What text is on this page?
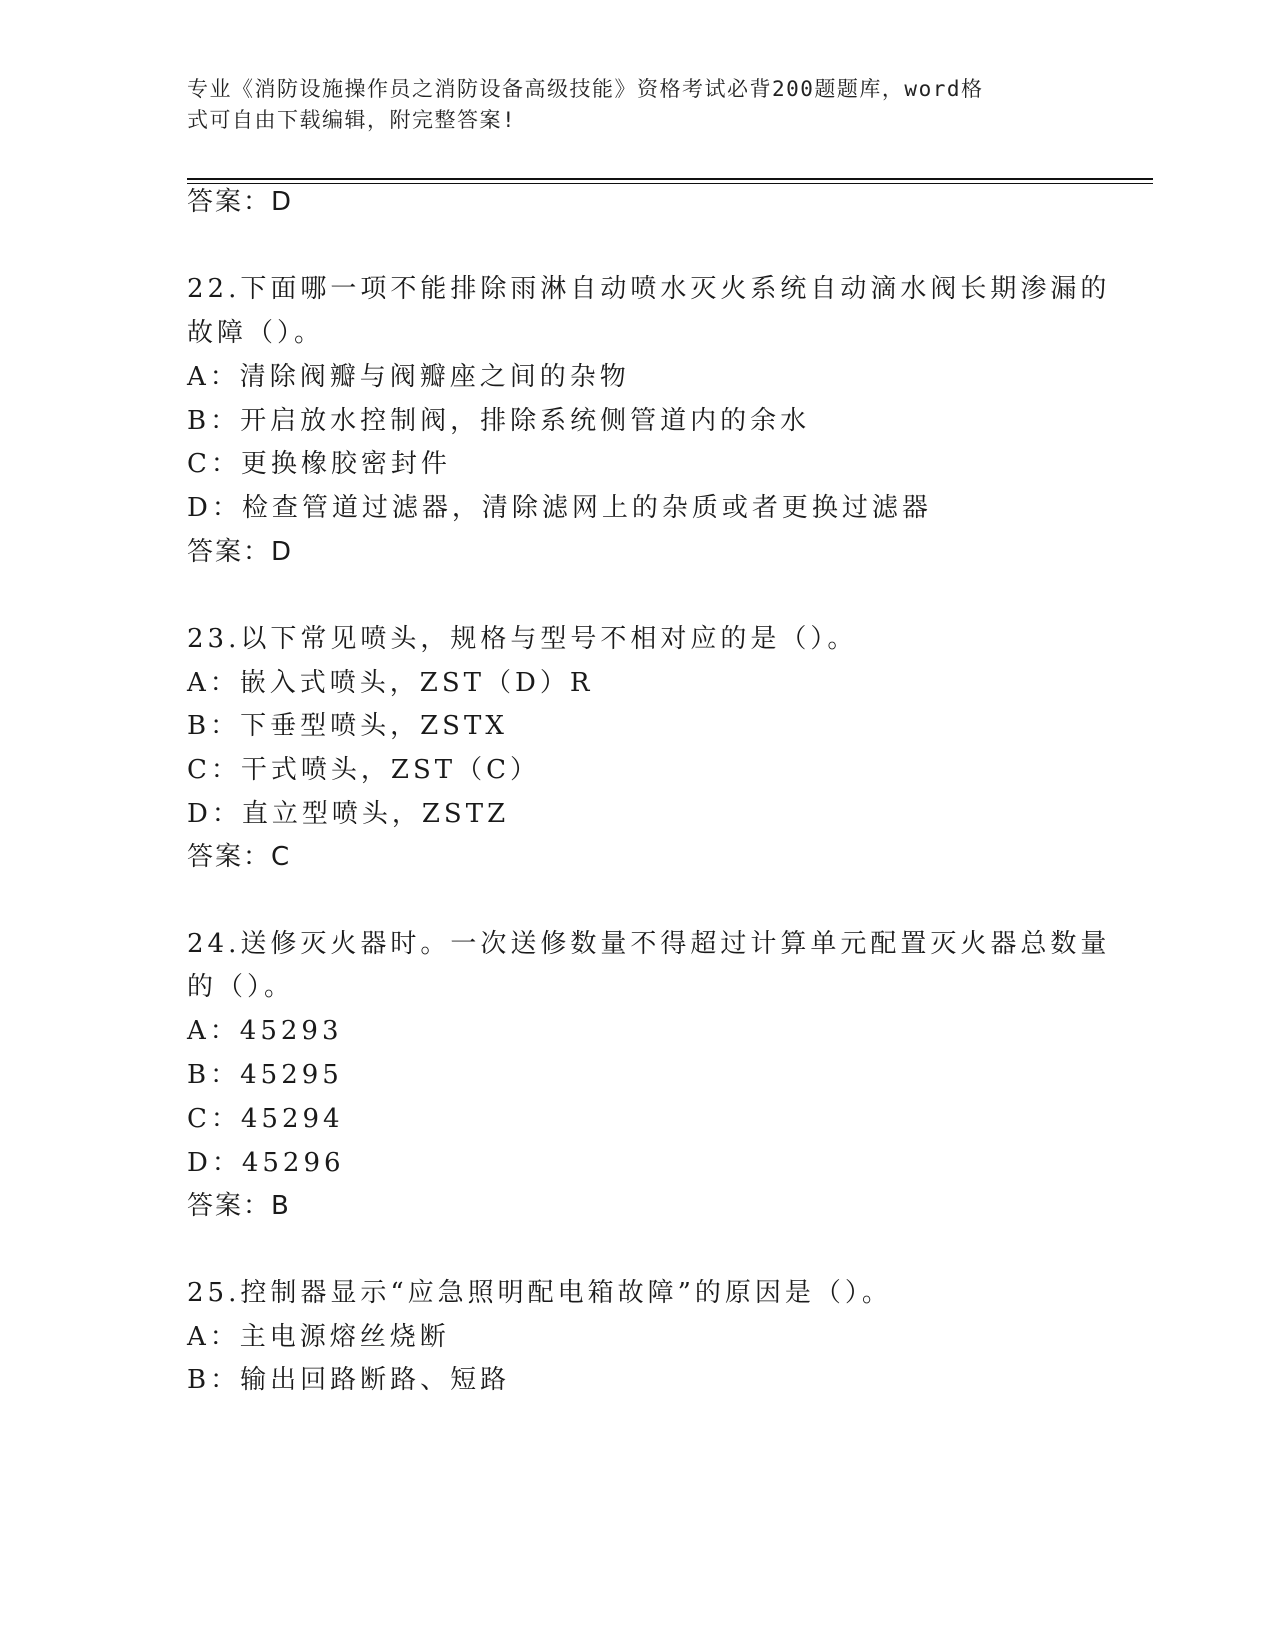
专业《消防设施操作员之消防设备高级技能》资格考试必背200题题库，word格
式可自由下载编辑，附完整答案!
答案：D
22.下面哪一项不能排除雨淋自动喷水灭火系统自动滴水阀长期渗漏的
故障（）。
A：清除阀瓣与阀瓣座之间的杂物
B：开启放水控制阀，排除系统侧管道内的余水
C：更换橡胶密封件
D：检查管道过滤器，清除滤网上的杂质或者更换过滤器
答案：D
23.以下常见喷头，规格与型号不相对应的是（）。
A：嵌入式喷头，ZST（D）R
B：下垂型喷头，ZSTX
C：干式喷头，ZST（C）
D：直立型喷头，ZSTZ
答案：C
24.送修灭火器时。一次送修数量不得超过计算单元配置灭火器总数量
的（）。
A：45293
B：45295
C：45294
D：45296
答案：B
25.控制器显示“应急照明配电箱故障”的原因是（）。
A：主电源熔丝烧断
B：输出回路断路、短路
